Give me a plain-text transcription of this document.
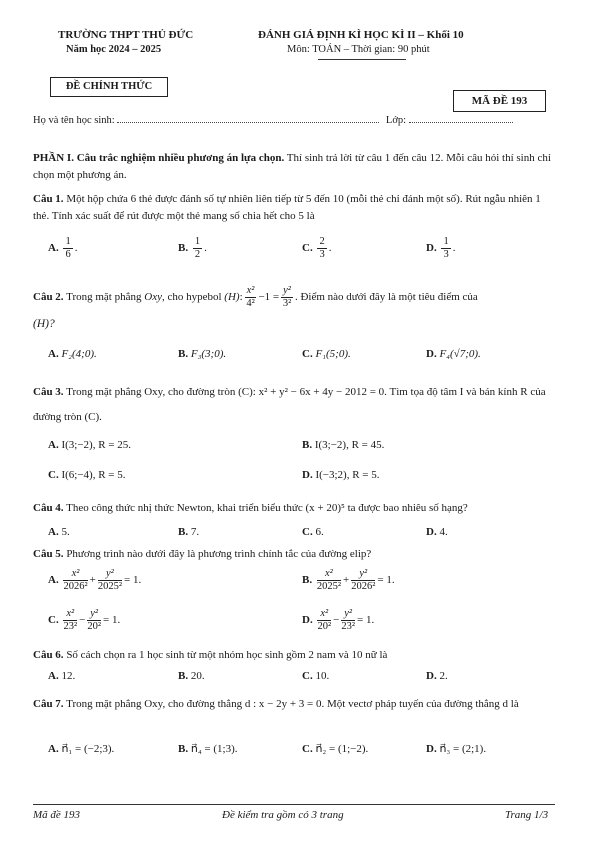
TRƯỜNG THPT THỦ ĐỨC
Năm học 2024 – 2025
ĐÁNH GIÁ ĐỊNH KÌ HỌC KÌ II – Khối 10
Môn: TOÁN – Thời gian: 90 phút
ĐỀ CHÍNH THỨC
MÃ ĐỀ 193
Họ và tên học sinh:	Lớp:
PHẦN I. Câu trắc nghiệm nhiều phương án lựa chọn. Thí sinh trả lời từ câu 1 đến câu 12. Mỗi câu hỏi thí sinh chỉ chọn một phương án.
Câu 1. Một hộp chứa 6 thẻ được đánh số tự nhiên liên tiếp từ 5 đến 10 (mỗi thẻ chỉ đánh một số). Rút ngẫu nhiên 1 thẻ. Tính xác suất để rút được một thẻ mang số chia hết cho 5 là
A. $\frac{1}{6}$ .	B. $\frac{1}{2}$ .	C. $\frac{2}{3}$ .	D. $\frac{1}{3}$ .
Câu 2. Trong mặt phẳng Oxy, cho hypebol (H): $\frac{\text{x²}}{\text{4²}} -1 = \frac{\text{y²}}{\text{3²}}$ . Điểm nào dưới đây là một tiêu điểm của
(H)?
A. F₂(4;0).	B. F₃(3;0).	C. F₁(5;0).	D. F₄(√7;0).
Câu 3. Trong mặt phẳng Oxy, cho đường tròn (C): x² + y² − 6x + 4y − 2012 = 0. Tìm tọa độ tâm I và bán kính R của đường tròn (C).
A. I(3;−2), R = 25.	B. I(3;−2), R = 45.
C. I(6;−4), R = 5.	D. I(−3;2), R = 5.
Câu 4. Theo công thức nhị thức Newton, khai triển biểu thức (x + 20)⁵ ta được bao nhiêu số hạng?
A. 5.	B. 7.	C. 6.	D. 4.
Câu 5. Phương trình nào dưới đây là phương trình chính tắc của đường elip?
A. $\frac{\text{x²}}{\text{2026²}} + \frac{\text{y²}}{\text{2025²}} = 1$.	B. $\frac{\text{x²}}{\text{2025²}} + \frac{\text{y²}}{\text{2026²}} = 1$.
C. $\frac{\text{x²}}{\text{23²}} - \frac{\text{y²}}{\text{20²}} = 1$.	D. $\frac{\text{x²}}{\text{20²}} - \frac{\text{y²}}{\text{23²}} = 1$.
Câu 6. Số cách chọn ra 1 học sinh từ một nhóm học sinh gồm 2 nam và 10 nữ là
A. 12.	B. 20.	C. 10.	D. 2.
Câu 7. Trong mặt phẳng Oxy, cho đường thẳng d : x − 2y + 3 = 0. Một vectơ pháp tuyến của đường thẳng d là
A. n⃗₁ = (−2;3).	B. n⃗₄ = (1;3).	C. n⃗₂ = (1;−2).	D. n⃗₃ = (2;1).
Mã đề 193	Đề kiểm tra gồm có 3 trang	Trang 1/3
